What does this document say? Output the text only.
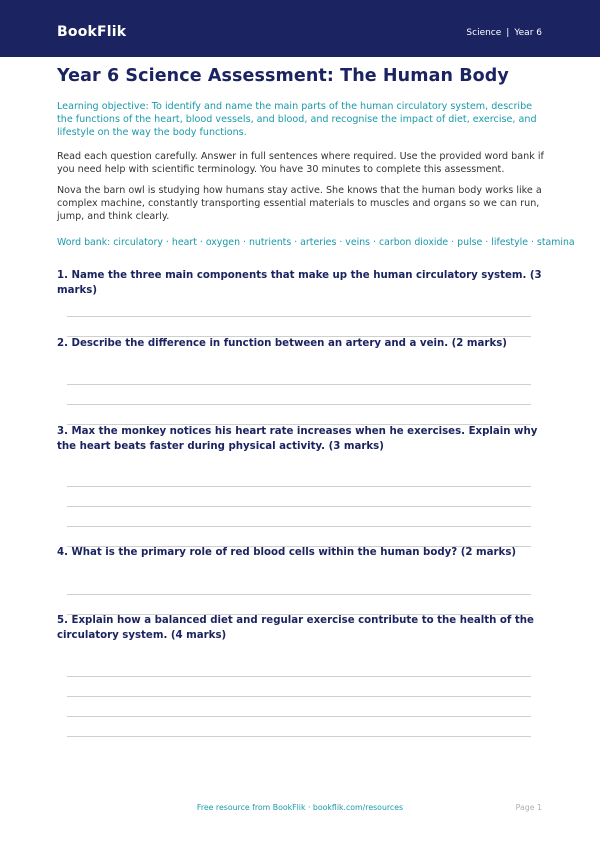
BookFlik	Science | Year 6
Year 6 Science Assessment: The Human Body
Learning objective: To identify and name the main parts of the human circulatory system, describe the functions of the heart, blood vessels, and blood, and recognise the impact of diet, exercise, and lifestyle on the way the body functions.
Read each question carefully. Answer in full sentences where required. Use the provided word bank if you need help with scientific terminology. You have 30 minutes to complete this assessment.
Nova the barn owl is studying how humans stay active. She knows that the human body works like a complex machine, constantly transporting essential materials to muscles and organs so we can run, jump, and think clearly.
Word bank: circulatory · heart · oxygen · nutrients · arteries · veins · carbon dioxide · pulse · lifestyle · stamina
1. Name the three main components that make up the human circulatory system. (3 marks)
2. Describe the difference in function between an artery and a vein. (2 marks)
3. Max the monkey notices his heart rate increases when he exercises. Explain why the heart beats faster during physical activity. (3 marks)
4. What is the primary role of red blood cells within the human body? (2 marks)
5. Explain how a balanced diet and regular exercise contribute to the health of the circulatory system. (4 marks)
Free resource from BookFlik · bookflik.com/resources	Page 1
